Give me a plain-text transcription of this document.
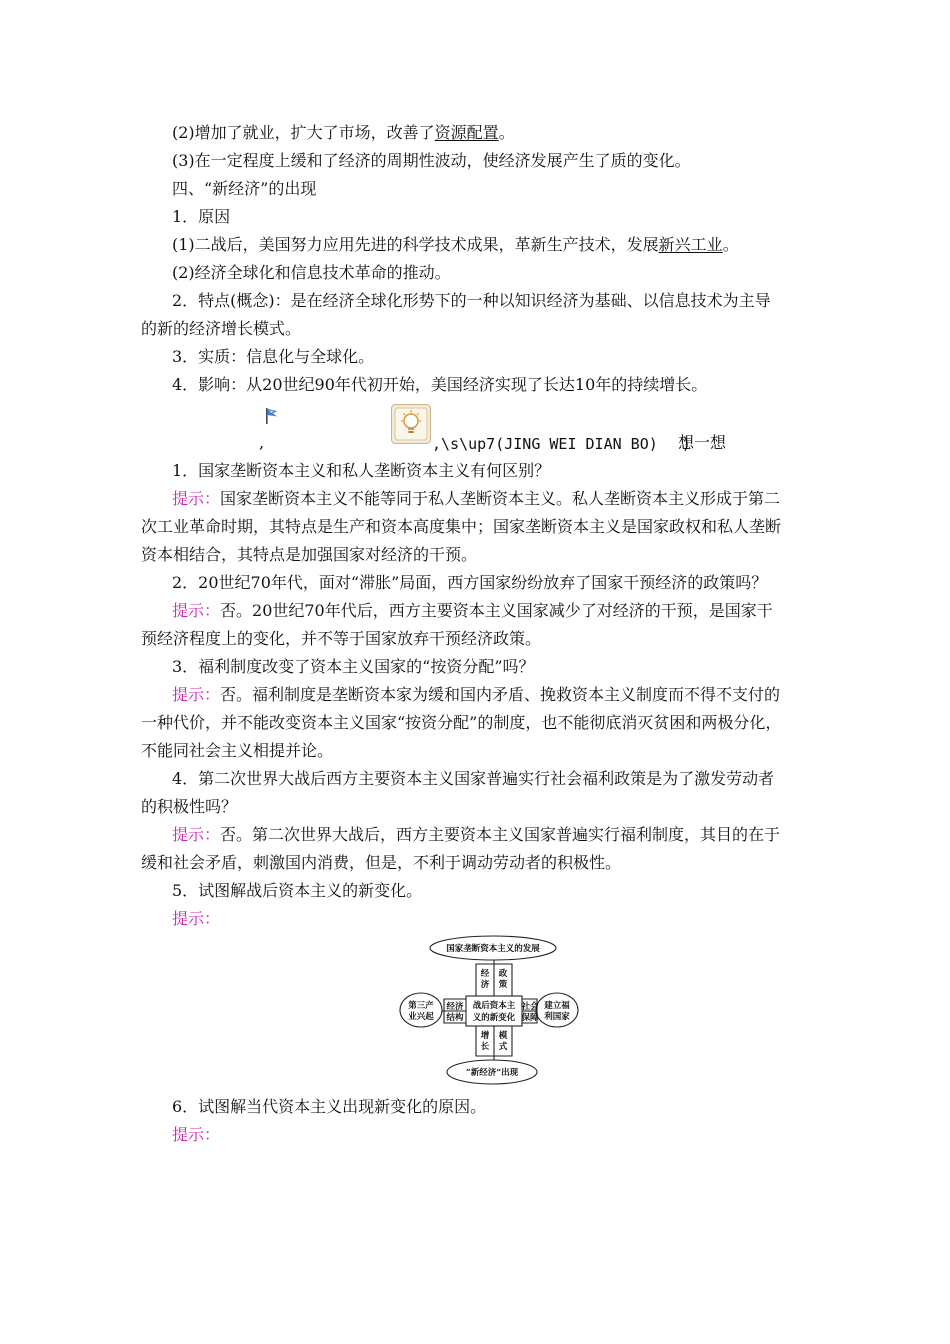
(2)增加了就业，扩大了市场，改善了资源配置。
(3)在一定程度上缓和了经济的周期性波动，使经济发展产生了质的变化。
四、“新经济”的出现
1．原因
(1)二战后，美国努力应用先进的科学技术成果，革新生产技术，发展新兴工业。
(2)经济全球化和信息技术革命的推动。
2．特点(概念)：是在经济全球化形势下的一种以知识经济为基础、以信息技术为主导
的新的经济增长模式。
3．实质：信息化与全球化。
4．影响：从20世纪90年代初开始，美国经济实现了长达10年的持续增长。
,	,\s\up7(JING WEI DIAN BO)　 )
想一想
1．国家垄断资本主义和私人垄断资本主义有何区别？
提示：国家垄断资本主义不能等同于私人垄断资本主义。私人垄断资本主义形成于第二
次工业革命时期，其特点是生产和资本高度集中；国家垄断资本主义是国家政权和私人垄断
资本相结合，其特点是加强国家对经济的干预。
2．20世纪70年代，面对“滞胀”局面，西方国家纷纷放弃了国家干预经济的政策吗？
提示：否。20世纪70年代后，西方主要资本主义国家减少了对经济的干预，是国家干
预经济程度上的变化，并不等于国家放弃干预经济政策。
3．福利制度改变了资本主义国家的“按资分配”吗？
提示：否。福利制度是垄断资本家为缓和国内矛盾、挽救资本主义制度而不得不支付的
一种代价，并不能改变资本主义国家“按资分配”的制度，也不能彻底消灭贫困和两极分化，
不能同社会主义相提并论。
4．第二次世界大战后西方主要资本主义国家普遍实行社会福利政策是为了激发劳动者
的积极性吗？
提示：否。第二次世界大战后，西方主要资本主义国家普遍实行福利制度，其目的在于
缓和社会矛盾，刺激国内消费，但是，不利于调动劳动者的积极性。
5．试图解战后资本主义的新变化。
提示：
国家垄断资本主义的发展
“新经济”出现
第三产
业兴起
建立福
利国家
战后资本主
义的新变化
经
济
政
策
经济
结构
社会
保障
增
长
模
式
6．试图解当代资本主义出现新变化的原因。
提示：
